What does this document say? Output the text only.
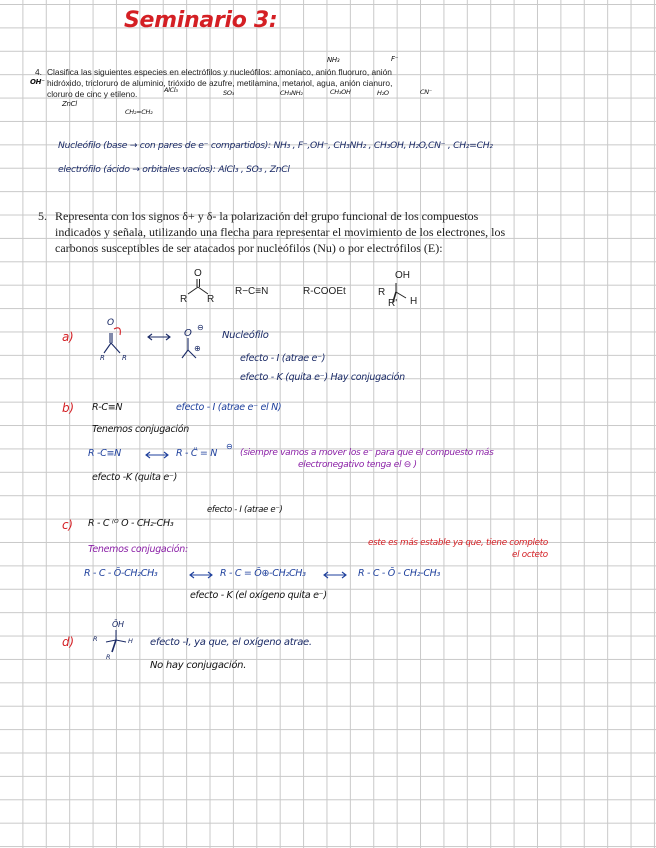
Seminario 3:
4. Clasifica las siguientes especies en electrófilos y nucleófilos: amoníaco, anión fluoruro, anión
hidróxido, tricloruro de aluminio, trióxido de azufre, metilamina, metanol, agua, anión cianuro,
cloruro de cinc y etileno.
NH₃	F⁻
OH⁻
AlCl₃	SO₃	CH₃NH₂	CH₃OH	H₂O	CN⁻
ZnCl
CH₂=CH₂
Nucleófilo (base → con pares de e⁻ compartidos): NH₃ , F⁻,OH⁻, CH₃NH₂ , CH₃OH, H₂O,CN⁻ , CH₂=CH₂
electrófilo (ácido → orbitales vacíos): AlCl₃ , SO₃ , ZnCl
5. Representa con los signos δ+ y δ- la polarización del grupo funcional de los compuestos
indicados y señala, utilizando una flecha para representar el movimiento de los electrones, los
carbonos susceptibles de ser atacados por nucleófilos (Nu) o por electrófilos (E):
O
R R
R−C≡N	R-COOEt
OH
R
R' H
a)
O
R R
O
⊖
⊕
Nucleófilo
efecto - I (atrae e⁻)
efecto - K (quita e⁻) Hay conjugación
b) R-C≡N	efecto - I (atrae e⁻ el N)
Tenemos conjugación
R -C≡N	R - C̈ = N
⊖
(siempre vamos a mover los e⁻ para que el compuesto más
electronegativo tenga el ⊖ )
efecto -K (quita e⁻)
efecto - I (atrae e⁻)
c) R - C ⁽ᴼ O - CH₂-CH₃
Tenemos conjugación:
este es más estable ya que, tiene completo
el octeto
R - C - Ō-CH₂CH₃	R - C = Ō⊕-CH₂CH₃	R - C - Ō - CH₂-CH₃
efecto - K (el oxígeno quita e⁻)
ŌH
d)	R	H
R
efecto -I, ya que, el oxígeno atrae.
No hay conjugación.
